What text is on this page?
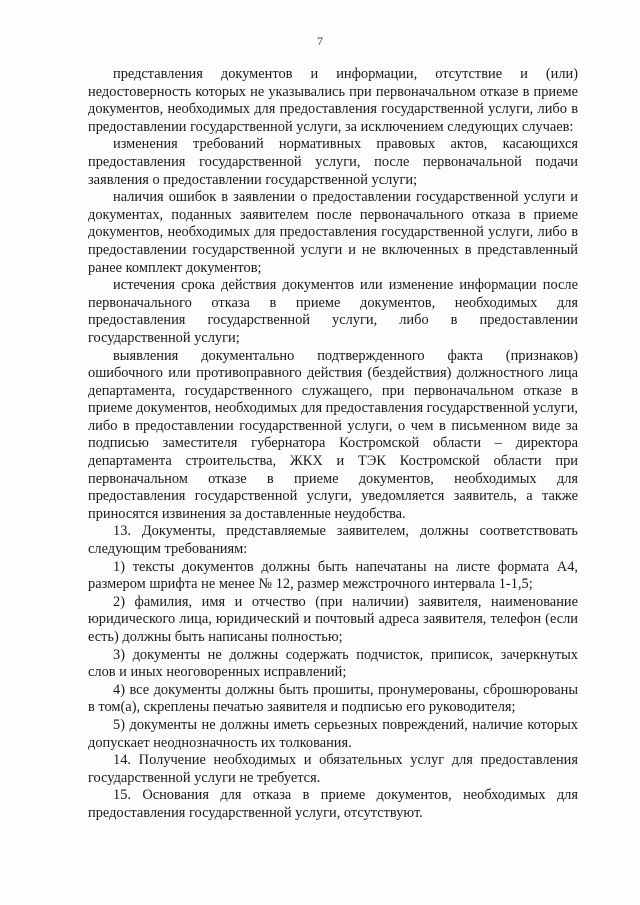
7

представления документов и информации, отсутствие и (или) недостоверность которых не указывались при первоначальном отказе в приеме документов, необходимых для предоставления государственной услуги, либо в предоставлении государственной услуги, за исключением следующих случаев:

изменения требований нормативных правовых актов, касающихся предоставления государственной услуги, после первоначальной подачи заявления о предоставлении государственной услуги;

наличия ошибок в заявлении о предоставлении государственной услуги и документах, поданных заявителем после первоначального отказа в приеме документов, необходимых для предоставления государственной услуги, либо в предоставлении государственной услуги и не включенных в представленный ранее комплект документов;

истечения срока действия документов или изменение информации после первоначального отказа в приеме документов, необходимых для предоставления государственной услуги, либо в предоставлении государственной услуги;

выявления документально подтвержденного факта (признаков) ошибочного или противоправного действия (бездействия) должностного лица департамента, государственного служащего, при первоначальном отказе в приеме документов, необходимых для предоставления государственной услуги, либо в предоставлении государственной услуги, о чем в письменном виде за подписью заместителя губернатора Костромской области – директора департамента строительства, ЖКХ и ТЭК Костромской области при первоначальном отказе в приеме документов, необходимых для предоставления государственной услуги, уведомляется заявитель, а также приносятся извинения за доставленные неудобства.

13. Документы, представляемые заявителем, должны соответствовать следующим требованиям:

1) тексты документов должны быть напечатаны на листе формата А4, размером шрифта не менее № 12, размер межстрочного интервала 1-1,5;

2) фамилия, имя и отчество (при наличии) заявителя, наименование юридического лица, юридический и почтовый адреса заявителя, телефон (если есть) должны быть написаны полностью;

3) документы не должны содержать подчисток, приписок, зачеркнутых слов и иных неоговоренных исправлений;

4) все документы должны быть прошиты, пронумерованы, сброшюрованы в том(а), скреплены печатью заявителя и подписью его руководителя;

5) документы не должны иметь серьезных повреждений, наличие которых допускает неоднозначность их толкования.

14. Получение необходимых и обязательных услуг для предоставления государственной услуги не требуется.

15. Основания для отказа в приеме документов, необходимых для предоставления государственной услуги, отсутствуют.
